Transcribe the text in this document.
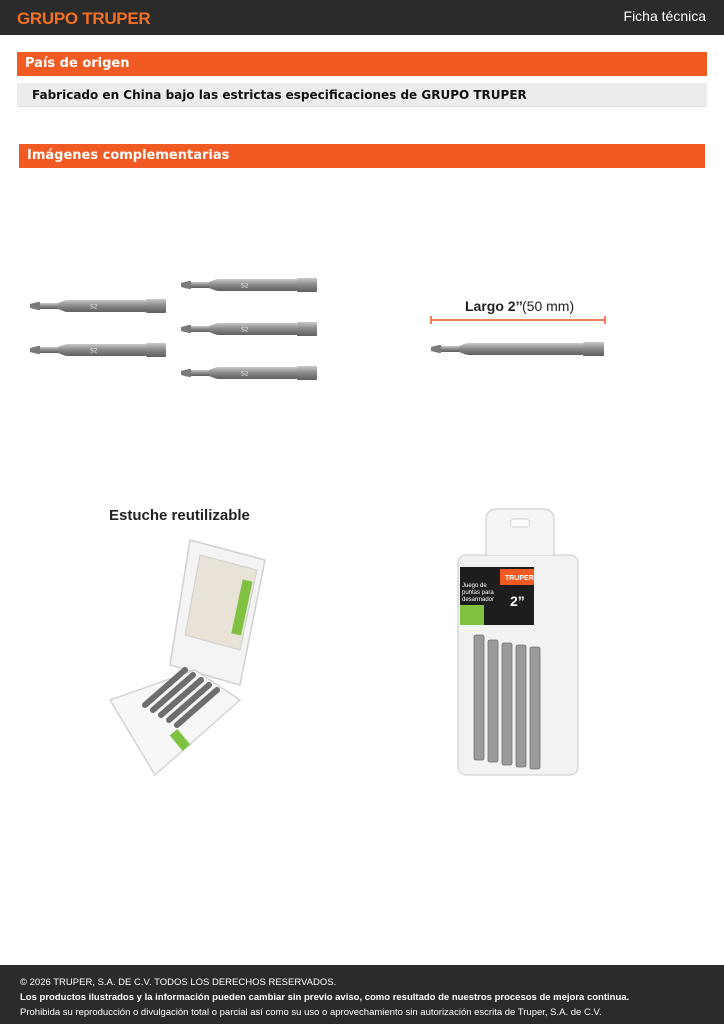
GRUPO TRUPER	Ficha técnica
País de origen
Fabricado en China bajo las estrictas especificaciones de GRUPO TRUPER
Imágenes complementarias
S2
Largo 2’’ (50 mm)
Estuche reutilizable
TRUPER
Juego de
puntas para
desarmador 2”
© 2026 TRUPER, S.A. DE C.V. TODOS LOS DERECHOS RESERVADOS.
Los productos ilustrados y la información pueden cambiar sin previo aviso, como resultado de nuestros procesos de mejora continua.
Prohibida su reproducción o divulgación total o parcial así como su uso o aprovechamiento sin autorización escrita de Truper, S.A. de C.V.
